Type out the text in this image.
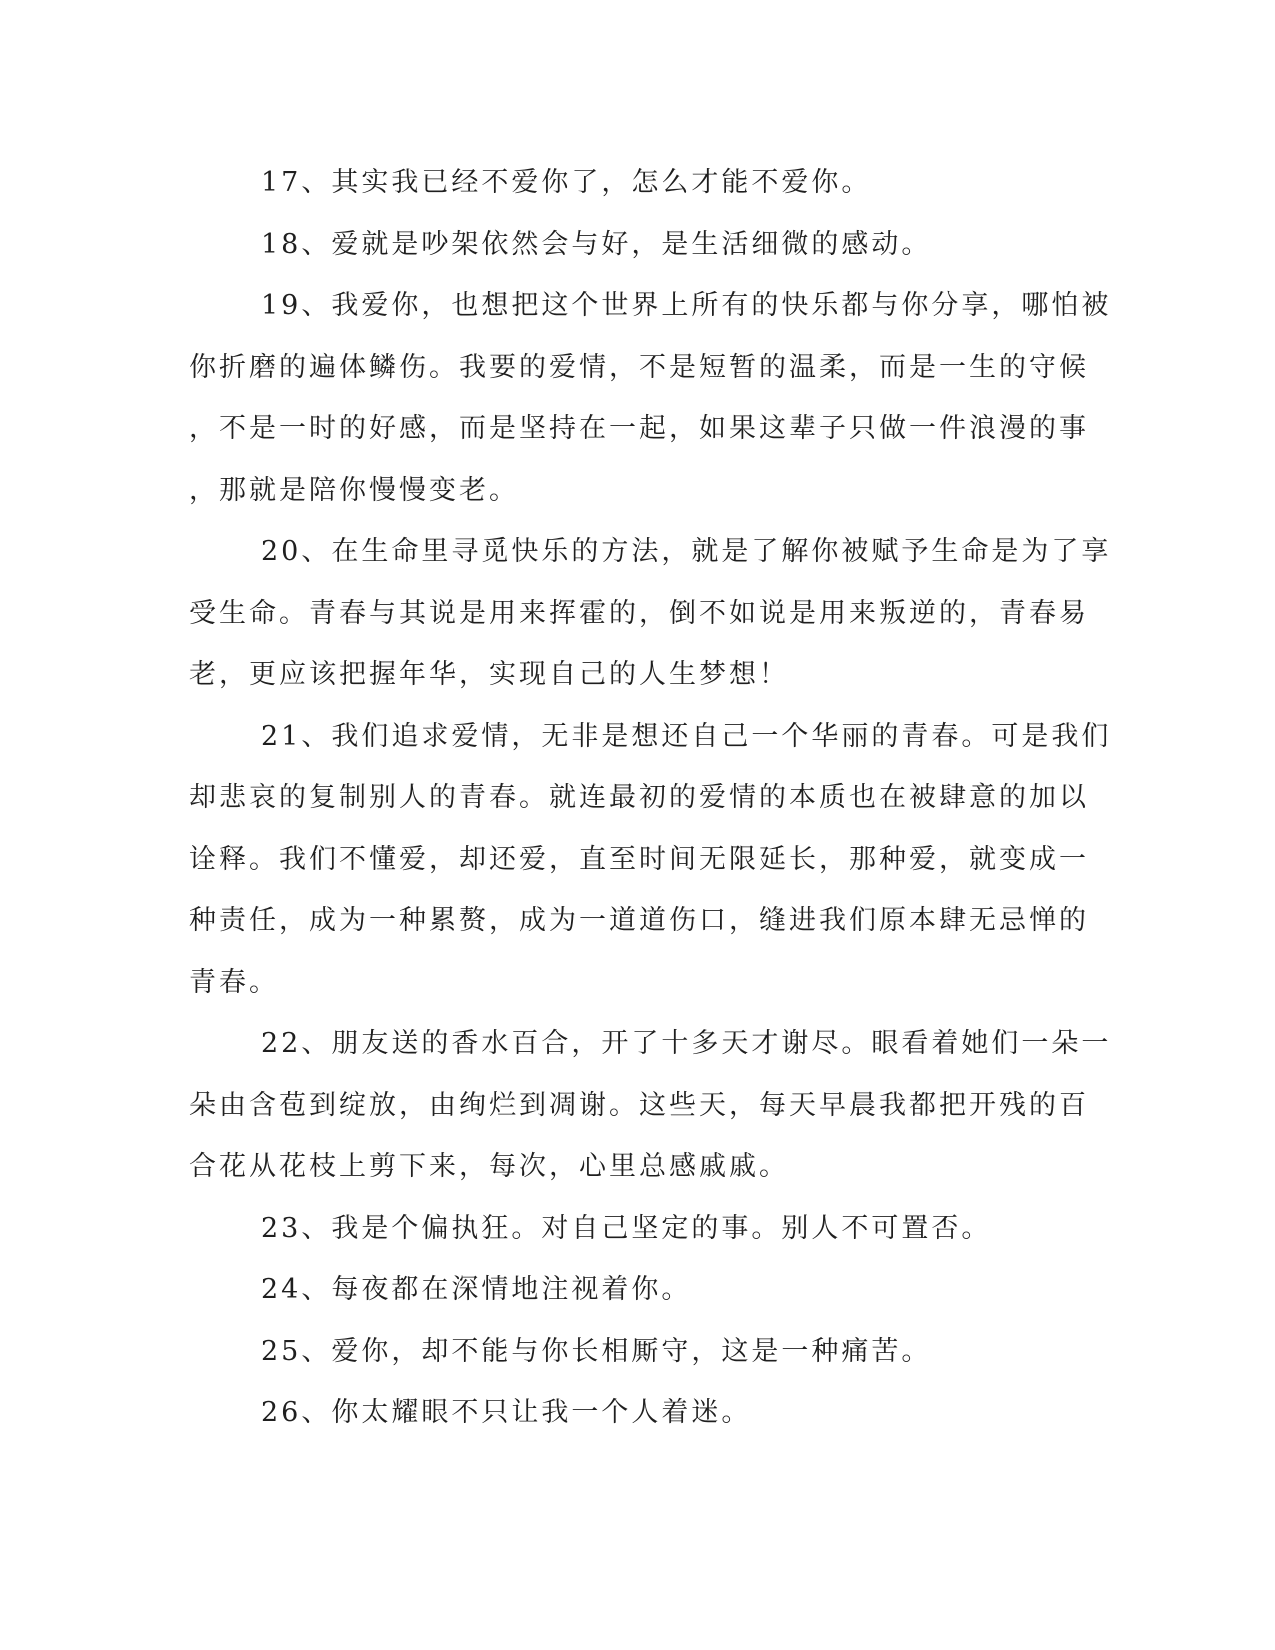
17、其实我已经不爱你了，怎么才能不爱你。
18、爱就是吵架依然会与好，是生活细微的感动。
19、我爱你，也想把这个世界上所有的快乐都与你分享，哪怕被
你折磨的遍体鳞伤。我要的爱情，不是短暂的温柔，而是一生的守候
，不是一时的好感，而是坚持在一起，如果这辈子只做一件浪漫的事
，那就是陪你慢慢变老。
20、在生命里寻觅快乐的方法，就是了解你被赋予生命是为了享
受生命。青春与其说是用来挥霍的，倒不如说是用来叛逆的，青春易
老，更应该把握年华，实现自己的人生梦想！
21、我们追求爱情，无非是想还自己一个华丽的青春。可是我们
却悲哀的复制别人的青春。就连最初的爱情的本质也在被肆意的加以
诠释。我们不懂爱，却还爱，直至时间无限延长，那种爱，就变成一
种责任，成为一种累赘，成为一道道伤口，缝进我们原本肆无忌惮的
青春。
22、朋友送的香水百合，开了十多天才谢尽。眼看着她们一朵一
朵由含苞到绽放，由绚烂到凋谢。这些天，每天早晨我都把开残的百
合花从花枝上剪下来，每次，心里总感戚戚。
23、我是个偏执狂。对自己坚定的事。别人不可置否。
24、每夜都在深情地注视着你。
25、爱你，却不能与你长相厮守，这是一种痛苦。
26、你太耀眼不只让我一个人着迷。
